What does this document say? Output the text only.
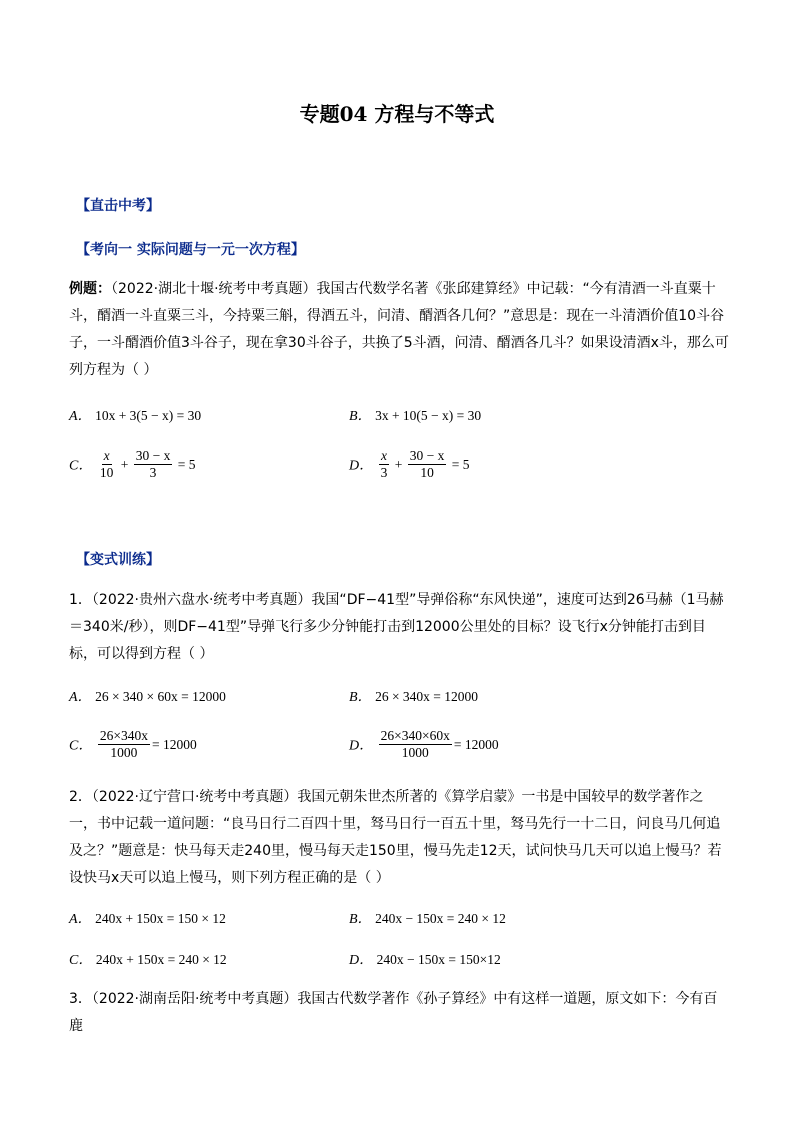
专题04 方程与不等式
【直击中考】
【考向一 实际问题与一元一次方程】
例题：（2022·湖北十堰·统考中考真题）我国古代数学名著《张邱建算经》中记载：“今有清酒一斗直粟十斗，醑酒一斗直粟三斗，今持粟三斛，得酒五斗，问清、醑酒各几何？”意思是：现在一斗清酒价值10斗谷子，一斗醑酒价值3斗谷子，现在拿30斗谷子，共换了5斗酒，问清、醑酒各几斗？如果设清酒x斗，那么可列方程为（ ）
A． 10x + 3(5 − x) = 30	B． 3x + 10(5 − x) = 30
C． $\frac{x}{10} + \frac{30 - x}{3} = 5$	D． $\frac{x}{3} + \frac{30 - x}{10} = 5$
【变式训练】
1．（2022·贵州六盘水·统考中考真题）我国“DF−41型”导弹俗称“东风快递”，速度可达到26马赫（1马赫＝340米/秒），则DF−41型”导弹飞行多少分钟能打击到12000公里处的目标？设飞行x分钟能打击到目标，可以得到方程（ ）
A． 26 × 340 × 60x = 12000	B． 26 × 340x = 12000
C． $\frac{26\times 340x}{1000} = 12000$	D． $\frac{26\times 340\times 60x}{1000} = 12000$
2．（2022·辽宁营口·统考中考真题）我国元朝朱世杰所著的《算学启蒙》一书是中国较早的数学著作之一，书中记载一道问题：“良马日行二百四十里，驽马日行一百五十里，驽马先行一十二日，问良马几何追及之？”题意是：快马每天走240里，慢马每天走150里，慢马先走12天，试问快马几天可以追上慢马？若设快马x天可以追上慢马，则下列方程正确的是（ ）
A． 240x + 150x = 150 × 12	B． 240x − 150x = 240 × 12
C． 240x + 150x = 240 × 12	D． 240x − 150x = 150×12
3．（2022·湖南岳阳·统考中考真题）我国古代数学著作《孙子算经》中有这样一道题，原文如下：今有百鹿
